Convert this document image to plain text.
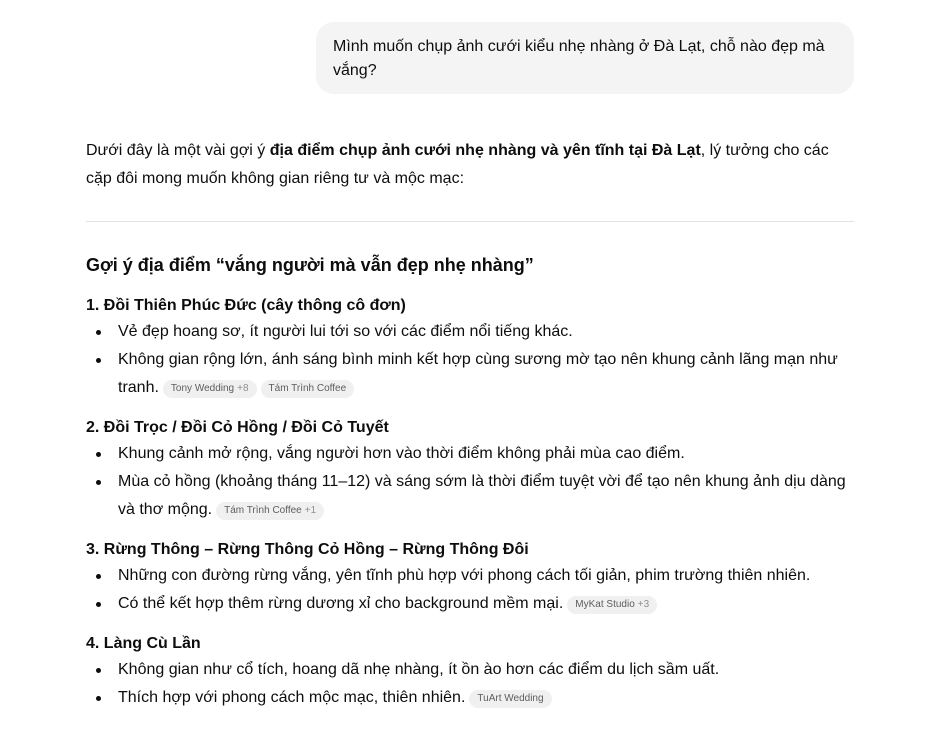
Mình muốn chụp ảnh cưới kiểu nhẹ nhàng ở Đà Lạt, chỗ nào đẹp mà vắng?

Dưới đây là một vài gợi ý địa điểm chụp ảnh cưới nhẹ nhàng và yên tĩnh tại Đà Lạt, lý tưởng cho các cặp đôi mong muốn không gian riêng tư và mộc mạc:

Gợi ý địa điểm “vắng người mà vẫn đẹp nhẹ nhàng”
1. Đồi Thiên Phúc Đức (cây thông cô đơn)
Vẻ đẹp hoang sơ, ít người lui tới so với các điểm nổi tiếng khác.
Không gian rộng lớn, ánh sáng bình minh kết hợp cùng sương mờ tạo nên khung cảnh lãng mạn như tranh. Tony Wedding +8 Tám Trình Coffee
2. Đồi Trọc / Đồi Cỏ Hồng / Đồi Cỏ Tuyết
Khung cảnh mở rộng, vắng người hơn vào thời điểm không phải mùa cao điểm.
Mùa cỏ hồng (khoảng tháng 11–12) và sáng sớm là thời điểm tuyệt vời để tạo nên khung ảnh dịu dàng và thơ mộng. Tám Trình Coffee +1
3. Rừng Thông – Rừng Thông Cỏ Hồng – Rừng Thông Đôi
Những con đường rừng vắng, yên tĩnh phù hợp với phong cách tối giản, phim trường thiên nhiên.
Có thể kết hợp thêm rừng dương xỉ cho background mềm mại. MyKat Studio +3
4. Làng Cù Lần
Không gian như cổ tích, hoang dã nhẹ nhàng, ít ồn ào hơn các điểm du lịch sầm uất.
Thích hợp với phong cách mộc mạc, thiên nhiên. TuArt Wedding
